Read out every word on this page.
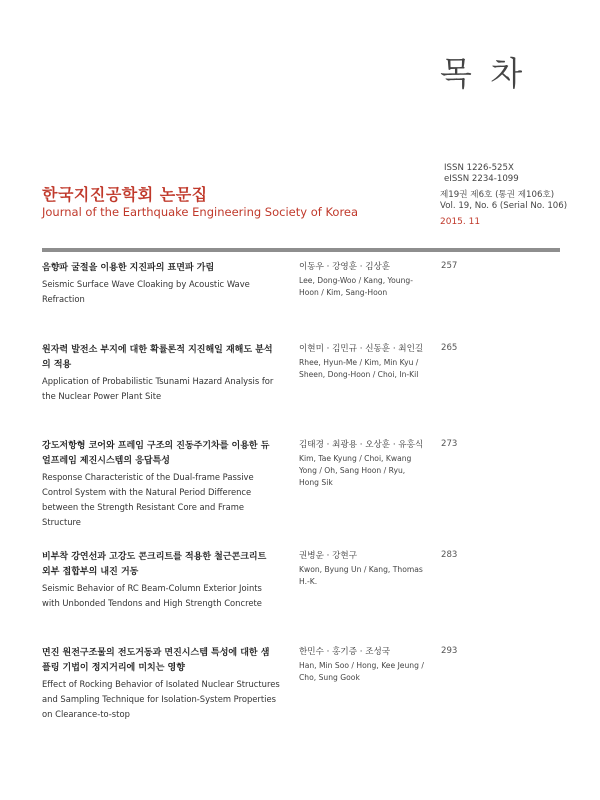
목 차
한국지진공학회 논문집
Journal of the Earthquake Engineering Society of Korea
ISSN 1226-525X
eISSN 2234-1099
제19권 제6호 (통권 제106호)
Vol. 19, No. 6 (Serial No. 106)
2015. 11
음향파 굴절을 이용한 지진파의 표면파 가림
Seismic Surface Wave Cloaking by Acoustic Wave Refraction
이동우 · 강영훈 · 김상훈
Lee, Dong-Woo / Kang, Young-Hoon / Kim, Sang-Hoon
257
원자력 발전소 부지에 대한 확률론적 지진해일 재해도 분석의 적용
Application of Probabilistic Tsunami Hazard Analysis for the Nuclear Power Plant Site
이현미 · 김민규 · 신동훈 · 최인길
Rhee, Hyun-Me / Kim, Min Kyu / Sheen, Dong-Hoon / Choi, In-Kil
265
강도저항형 코어와 프레임 구조의 진동주기차를 이용한 듀얼프레임 제진시스템의 응답특성
Response Characteristic of the Dual-frame Passive Control System with the Natural Period Difference between the Strength Resistant Core and Frame Structure
김태경 · 최광용 · 오상훈 · 유홍식
Kim, Tae Kyung / Choi, Kwang Yong / Oh, Sang Hoon / Ryu, Hong Sik
273
비부착 강연선과 고강도 콘크리트를 적용한 철근콘크리트 외부 접합부의 내진 거동
Seismic Behavior of RC Beam-Column Exterior Joints with Unbonded Tendons and High Strength Concrete
권병운 · 강현구
Kwon, Byung Un / Kang, Thomas H.-K.
283
면진 원전구조물의 전도거동과 면진시스템 특성에 대한 샘플링 기법이 정지거리에 미치는 영향
Effect of Rocking Behavior of Isolated Nuclear Structures and Sampling Technique for Isolation-System Properties on Clearance-to-stop
한민수 · 홍기증 · 조성국
Han, Min Soo / Hong, Kee Jeung / Cho, Sung Gook
293
